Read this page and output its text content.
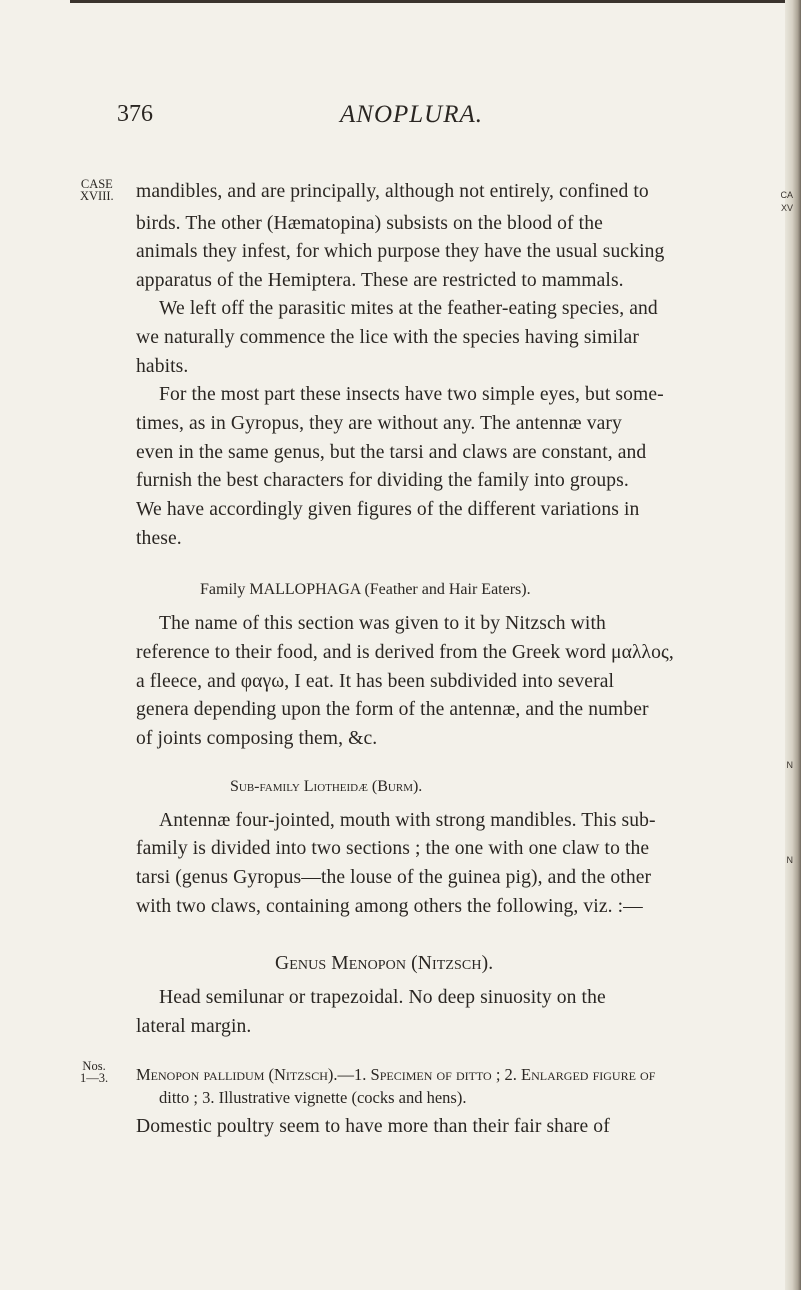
CA
XV
N
N
376	ANOPLURA.
CASE
XVIII. mandibles, and are principally, although not entirely, confined to
birds. The other (Hæmatopina) subsists on the blood of the
animals they infest, for which purpose they have the usual sucking
apparatus of the Hemiptera. These are restricted to mammals.
We left off the parasitic mites at the feather-eating species, and
we naturally commence the lice with the species having similar
habits.
For the most part these insects have two simple eyes, but some-
times, as in Gyropus, they are without any. The antennæ vary
even in the same genus, but the tarsi and claws are constant, and
furnish the best characters for dividing the family into groups.
We have accordingly given figures of the different variations in
these.
Family MALLOPHAGA (Feather and Hair Eaters).
The name of this section was given to it by Nitzsch with
reference to their food, and is derived from the Greek word μαλλος,
a fleece, and φαγω, I eat. It has been subdivided into several
genera depending upon the form of the antennæ, and the number
of joints composing them, &c.
Sub-family Liotheidæ (Burm).
Antennæ four-jointed, mouth with strong mandibles. This sub-
family is divided into two sections ; the one with one claw to the
tarsi (genus Gyropus—the louse of the guinea pig), and the other
with two claws, containing among others the following, viz. :—
Genus Menopon (Nitzsch).
Head semilunar or trapezoidal. No deep sinuosity on the
lateral margin.
Nos.
1—3. Menopon pallidum (Nitzsch).—1. Specimen of ditto ; 2. Enlarged figure of
ditto ; 3. Illustrative vignette (cocks and hens).
Domestic poultry seem to have more than their fair share of
